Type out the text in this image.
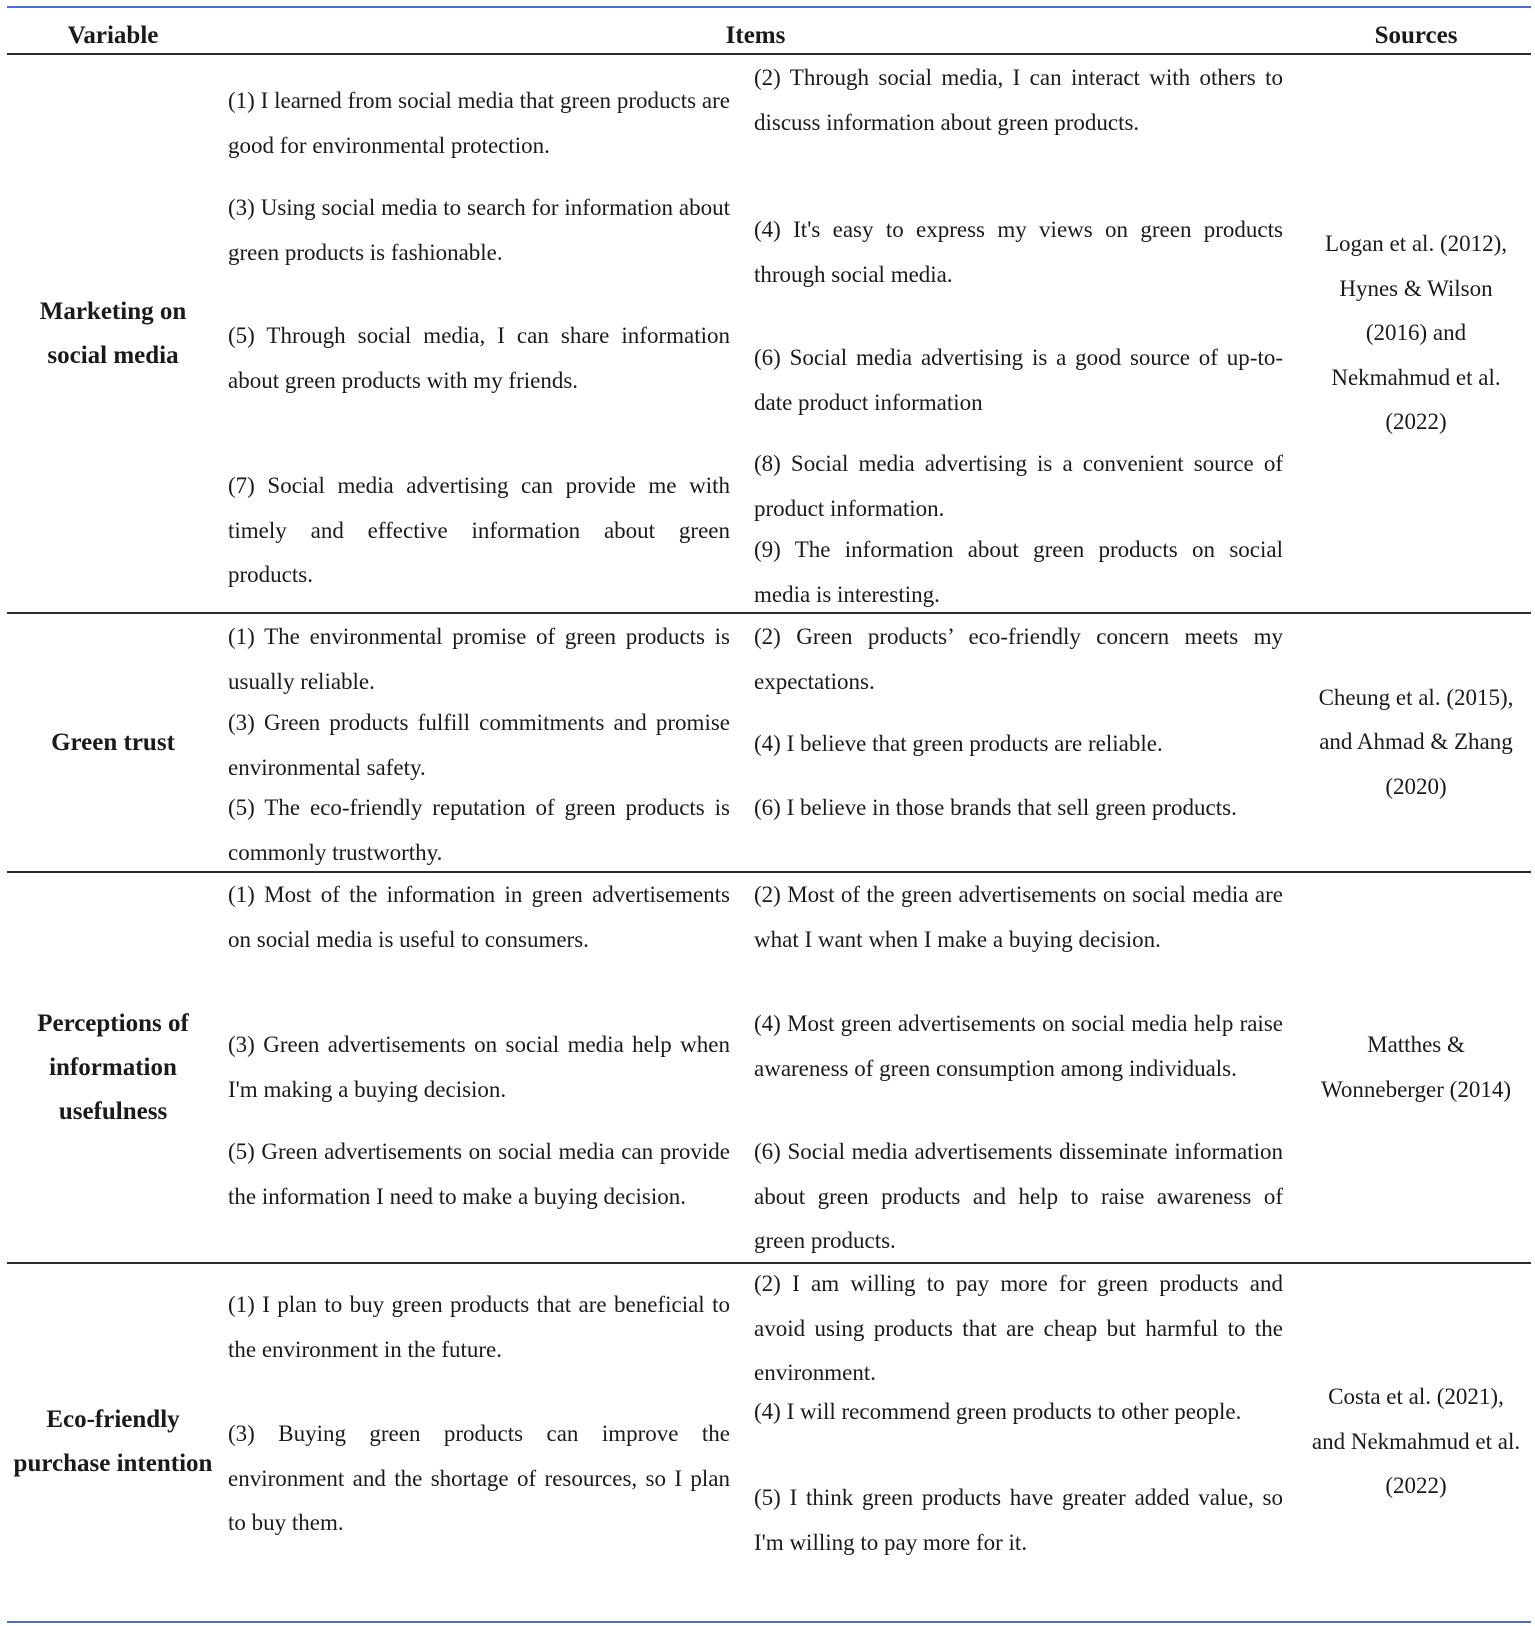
Variable	Items	Sources
Marketing on social media
Logan et al. (2012), Hynes & Wilson (2016) and Nekmahmud et al. (2022)
(1) I learned from social media that green products are good for environmental protection.
(2) Through social media, I can interact with others to discuss information about green products.
(3) Using social media to search for information about green products is fashionable.
(4) It's easy to express my views on green products through social media.
(5) Through social media, I can share information about green products with my friends.
(6) Social media advertising is a good source of up-to-date product information
(7) Social media advertising can provide me with timely and effective information about green products.
(8) Social media advertising is a convenient source of product information.
(9) The information about green products on social media is interesting.
Green trust
Cheung et al. (2015), and Ahmad & Zhang (2020)
(1) The environmental promise of green products is usually reliable.
(2) Green products’ eco-friendly concern meets my expectations.
(3) Green products fulfill commitments and promise environmental safety.
(4) I believe that green products are reliable.
(5) The eco-friendly reputation of green products is commonly trustworthy.
(6) I believe in those brands that sell green products.
Perceptions of information usefulness
Matthes & Wonneberger (2014)
(1) Most of the information in green advertisements on social media is useful to consumers.
(2) Most of the green advertisements on social media are what I want when I make a buying decision.
(3) Green advertisements on social media help when I'm making a buying decision.
(4) Most green advertisements on social media help raise awareness of green consumption among individuals.
(5) Green advertisements on social media can provide the information I need to make a buying decision.
(6) Social media advertisements disseminate information about green products and help to raise awareness of green products.
Eco-friendly purchase intention
Costa et al. (2021), and Nekmahmud et al. (2022)
(1) I plan to buy green products that are beneficial to the environment in the future.
(2) I am willing to pay more for green products and avoid using products that are cheap but harmful to the environment.
(3) Buying green products can improve the environment and the shortage of resources, so I plan to buy them.
(4) I will recommend green products to other people.
(5) I think green products have greater added value, so I'm willing to pay more for it.
